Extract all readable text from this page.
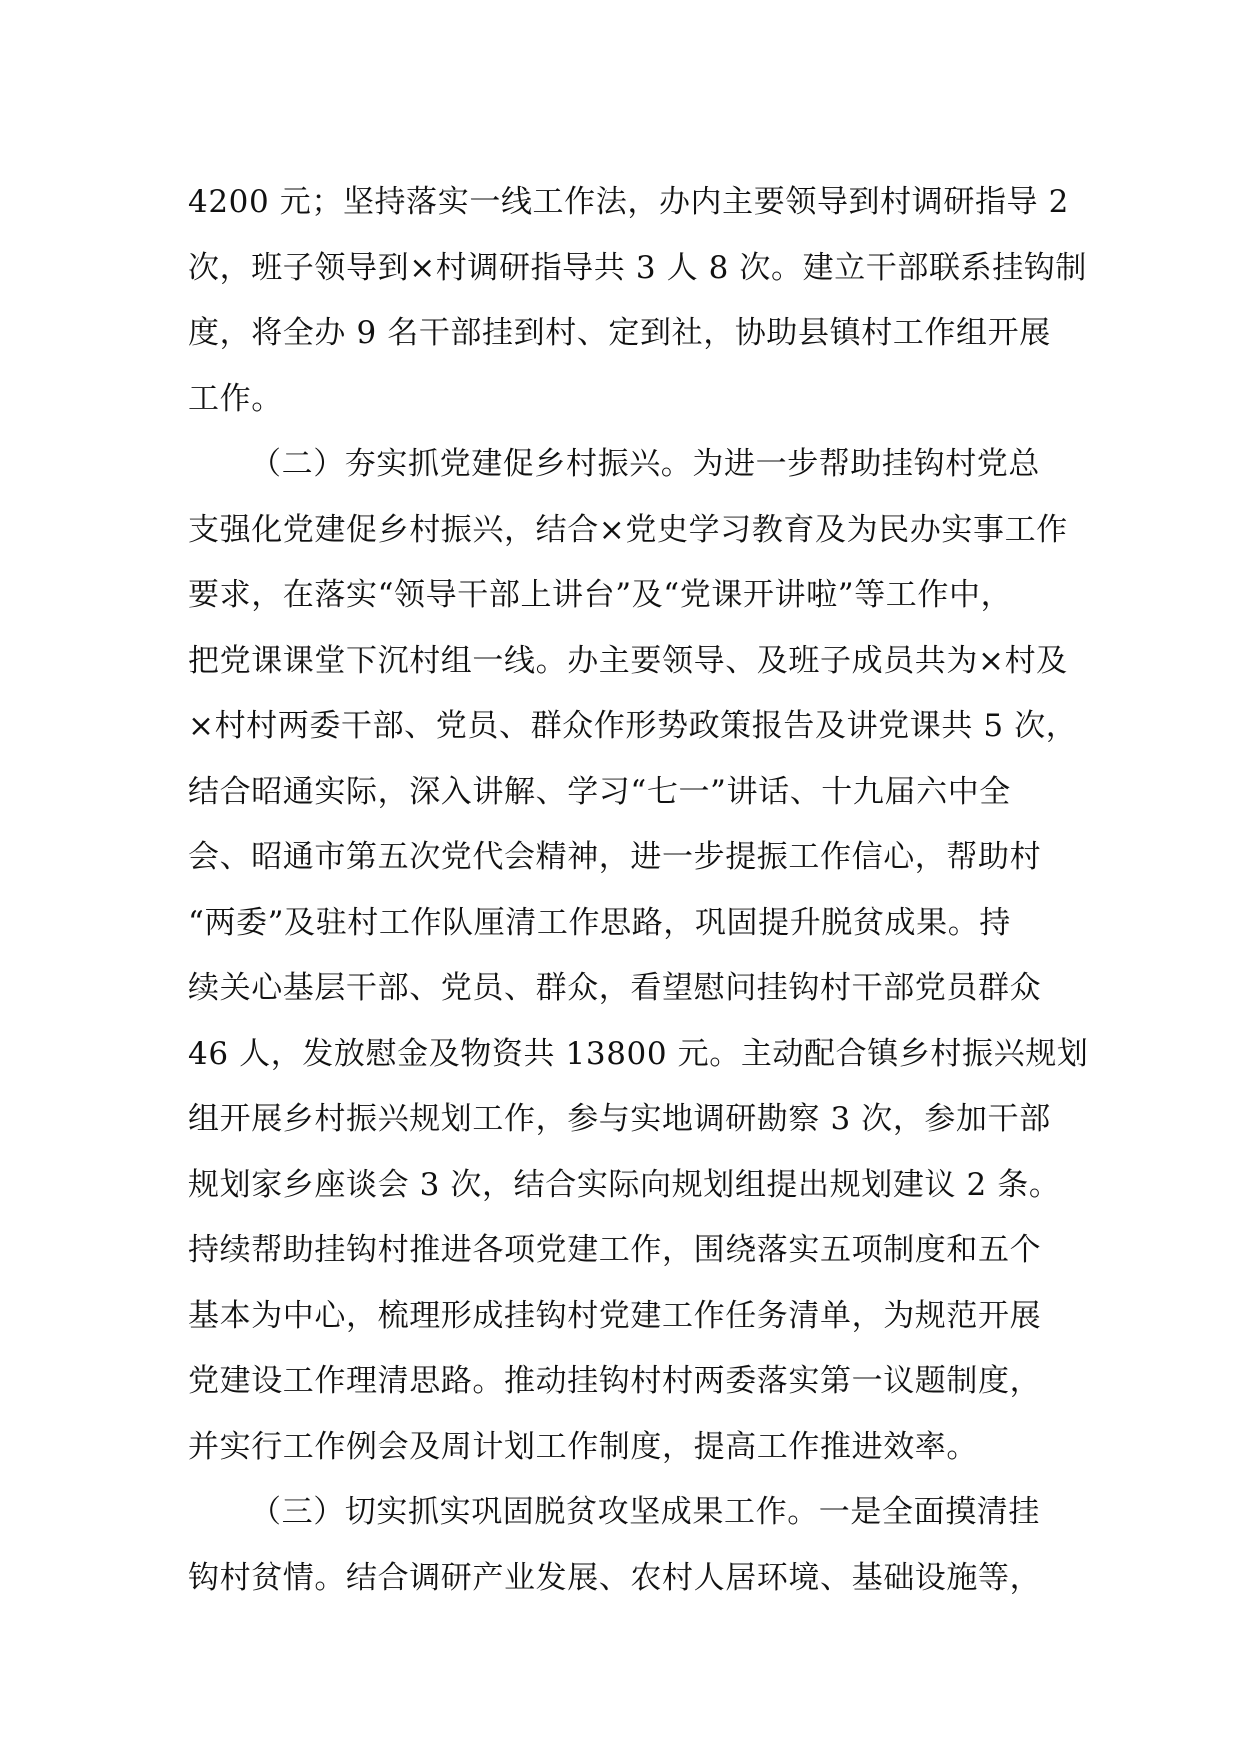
4200 元；坚持落实一线工作法，办内主要领导到村调研指导 2
次，班子领导到×村调研指导共 3 人 8 次。建立干部联系挂钩制
度，将全办 9 名干部挂到村、定到社，协助县镇村工作组开展
工作。
（二）夯实抓党建促乡村振兴。为进一步帮助挂钩村党总
支强化党建促乡村振兴，结合×党史学习教育及为民办实事工作
要求，在落实“领导干部上讲台”及“党课开讲啦”等工作中，
把党课课堂下沉村组一线。办主要领导、及班子成员共为×村及
×村村两委干部、党员、群众作形势政策报告及讲党课共 5 次，
结合昭通实际，深入讲解、学习“七一”讲话、十九届六中全
会、昭通市第五次党代会精神，进一步提振工作信心，帮助村
“两委”及驻村工作队厘清工作思路，巩固提升脱贫成果。持
续关心基层干部、党员、群众，看望慰问挂钩村干部党员群众
46 人，发放慰金及物资共 13800 元。主动配合镇乡村振兴规划
组开展乡村振兴规划工作，参与实地调研勘察 3 次，参加干部
规划家乡座谈会 3 次，结合实际向规划组提出规划建议 2 条。
持续帮助挂钩村推进各项党建工作，围绕落实五项制度和五个
基本为中心，梳理形成挂钩村党建工作任务清单，为规范开展
党建设工作理清思路。推动挂钩村村两委落实第一议题制度，
并实行工作例会及周计划工作制度，提高工作推进效率。
（三）切实抓实巩固脱贫攻坚成果工作。一是全面摸清挂
钩村贫情。结合调研产业发展、农村人居环境、基础设施等，
